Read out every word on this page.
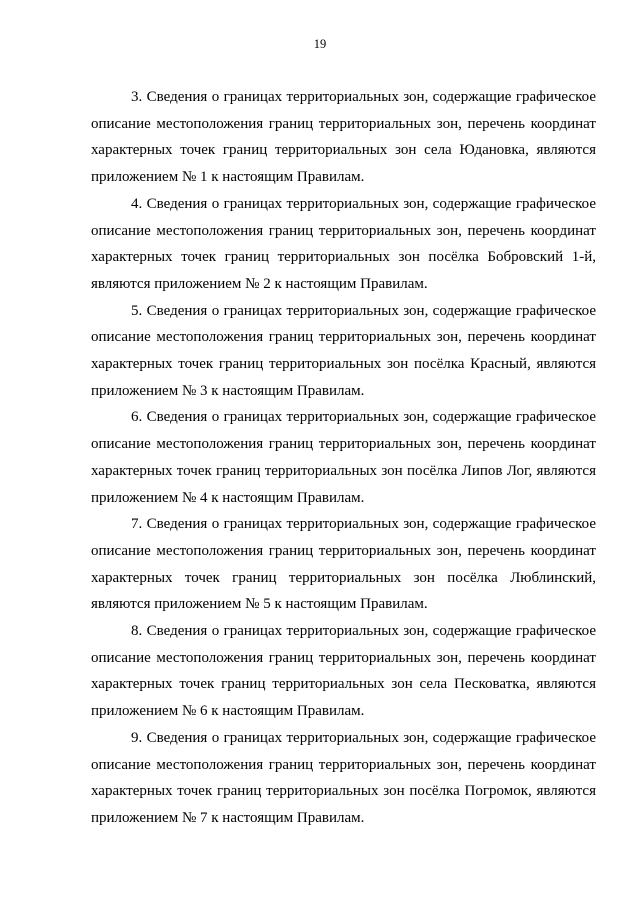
19

3. Сведения о границах территориальных зон, содержащие графическое описание местоположения границ территориальных зон, перечень координат характерных точек границ территориальных зон села Юдановка, являются приложением № 1 к настоящим Правилам.

4. Сведения о границах территориальных зон, содержащие графическое описание местоположения границ территориальных зон, перечень координат характерных точек границ территориальных зон посёлка Бобровский 1-й, являются приложением № 2 к настоящим Правилам.

5. Сведения о границах территориальных зон, содержащие графическое описание местоположения границ территориальных зон, перечень координат характерных точек границ территориальных зон посёлка Красный, являются приложением № 3 к настоящим Правилам.

6. Сведения о границах территориальных зон, содержащие графическое описание местоположения границ территориальных зон, перечень координат характерных точек границ территориальных зон посёлка Липов Лог, являются приложением № 4 к настоящим Правилам.

7. Сведения о границах территориальных зон, содержащие графическое описание местоположения границ территориальных зон, перечень координат характерных точек границ территориальных зон посёлка Люблинский, являются приложением № 5 к настоящим Правилам.

8. Сведения о границах территориальных зон, содержащие графическое описание местоположения границ территориальных зон, перечень координат характерных точек границ территориальных зон села Песковатка, являются приложением № 6 к настоящим Правилам.

9. Сведения о границах территориальных зон, содержащие графическое описание местоположения границ территориальных зон, перечень координат характерных точек границ территориальных зон посёлка Погромок, являются приложением № 7 к настоящим Правилам.
